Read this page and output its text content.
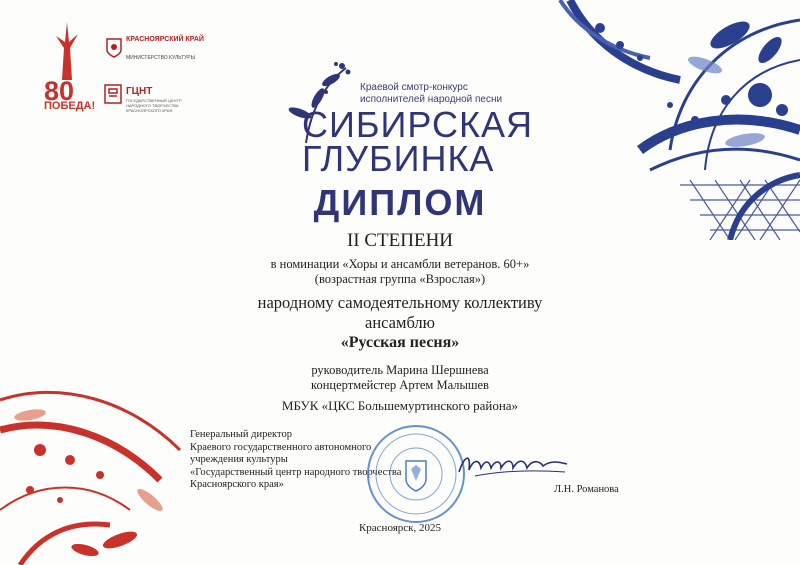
80
ПОБЕДА!
КРАСНОЯРСКИЙ КРАЙ
МИНИСТЕРСТВО КУЛЬТУРЫ
ГЦНТ
ГОСУДАРСТВЕННЫЙ ЦЕНТР НАРОДНОГО ТВОРЧЕСТВА КРАСНОЯРСКОГО КРАЯ
Краевой смотр-конкурс
исполнителей народной песни
СИБИРСКАЯ
ГЛУБИНКА
ДИПЛОМ
II СТЕПЕНИ
в номинации «Хоры и ансамбли ветеранов. 60+»
(возрастная группа «Взрослая»)
народному самодеятельному коллективу
ансамблю
«Русская песня»
руководитель Марина Шершнева
концертмейстер Артем Малышев
МБУК «ЦКС Большемуртинского района»
Генеральный директор
Краевого государственного автономного
учреждения культуры
«Государственный центр народного творчества
Красноярского края»	Л.Н. Романова
Красноярск, 2025
